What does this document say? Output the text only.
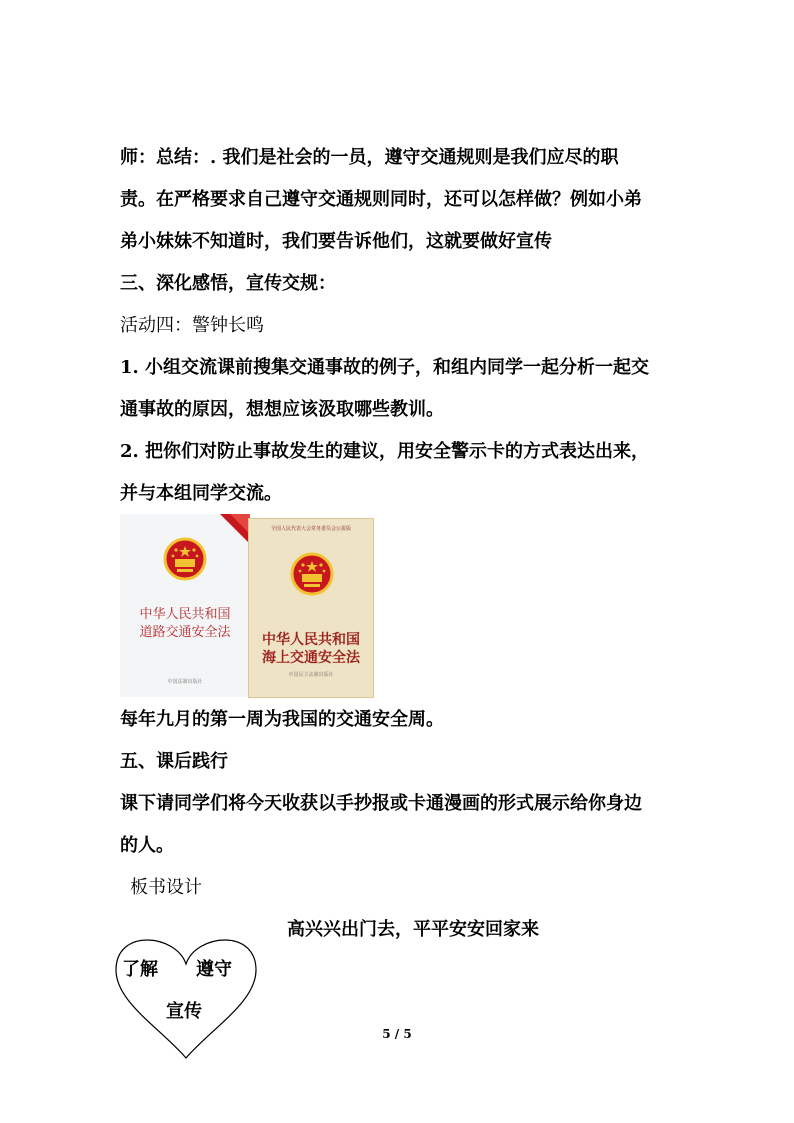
师：总结：. 我们是社会的一员，遵守交通规则是我们应尽的职
责。在严格要求自己遵守交通规则同时，还可以怎样做？例如小弟
弟小妹妹不知道时，我们要告诉他们，这就要做好宣传
三、深化感悟，宣传交规：
活动四：警钟长鸣
1. 小组交流课前搜集交通事故的例子，和组内同学一起分析一起交
通事故的原因，想想应该汲取哪些教训。
2. 把你们对防止事故发生的建议，用安全警示卡的方式表达出来，
并与本组同学交流。
中华人民共和国
道路交通安全法
中国法制出版社
全国人民代表大会常务委员会公报版
中华人民共和国
海上交通安全法
中国民主法制出版社
每年九月的第一周为我国的交通安全周。
五、课后践行
课下请同学们将今天收获以手抄报或卡通漫画的形式展示给你身边
的人。
板书设计
高兴兴出门去，平平安安回家来
了解 遵守
宣传
5 / 5
